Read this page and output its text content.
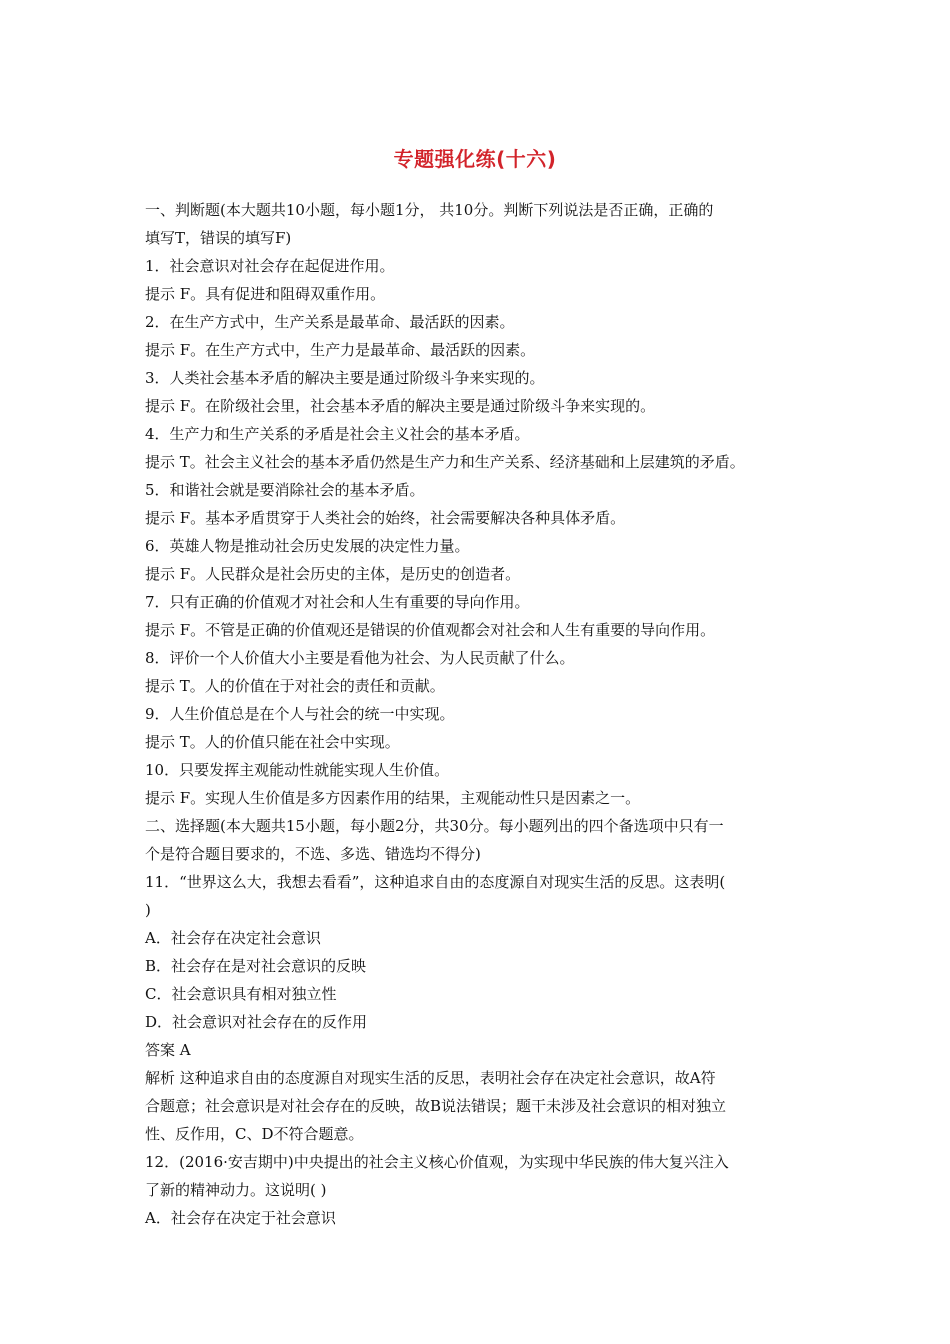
专题强化练(十六)
一、判断题(本大题共10小题，每小题1分， 共10分。判断下列说法是否正确，正确的
填写T，错误的填写F)
1．社会意识对社会存在起促进作用。
提示 F。具有促进和阻碍双重作用。
2．在生产方式中，生产关系是最革命、最活跃的因素。
提示 F。在生产方式中，生产力是最革命、最活跃的因素。
3．人类社会基本矛盾的解决主要是通过阶级斗争来实现的。
提示 F。在阶级社会里，社会基本矛盾的解决主要是通过阶级斗争来实现的。
4．生产力和生产关系的矛盾是社会主义社会的基本矛盾。
提示 T。社会主义社会的基本矛盾仍然是生产力和生产关系、经济基础和上层建筑的矛盾。
5．和谐社会就是要消除社会的基本矛盾。
提示 F。基本矛盾贯穿于人类社会的始终，社会需要解决各种具体矛盾。
6．英雄人物是推动社会历史发展的决定性力量。
提示 F。人民群众是社会历史的主体，是历史的创造者。
7．只有正确的价值观才对社会和人生有重要的导向作用。
提示 F。不管是正确的价值观还是错误的价值观都会对社会和人生有重要的导向作用。
8．评价一个人价值大小主要是看他为社会、为人民贡献了什么。
提示 T。人的价值在于对社会的责任和贡献。
9．人生价值总是在个人与社会的统一中实现。
提示 T。人的价值只能在社会中实现。
10．只要发挥主观能动性就能实现人生价值。
提示 F。实现人生价值是多方因素作用的结果，主观能动性只是因素之一。
二、选择题(本大题共15小题，每小题2分，共30分。每小题列出的四个备选项中只有一
个是符合题目要求的，不选、多选、错选均不得分)
11．“世界这么大，我想去看看”，这种追求自由的态度源自对现实生活的反思。这表明(
)
A．社会存在决定社会意识
B．社会存在是对社会意识的反映
C．社会意识具有相对独立性
D．社会意识对社会存在的反作用
答案 A
解析 这种追求自由的态度源自对现实生活的反思，表明社会存在决定社会意识，故A符
合题意；社会意识是对社会存在的反映，故B说法错误；题干未涉及社会意识的相对独立
性、反作用，C、D不符合题意。
12．(2016·安吉期中)中央提出的社会主义核心价值观，为实现中华民族的伟大复兴注入
了新的精神动力。这说明( )
A．社会存在决定于社会意识
